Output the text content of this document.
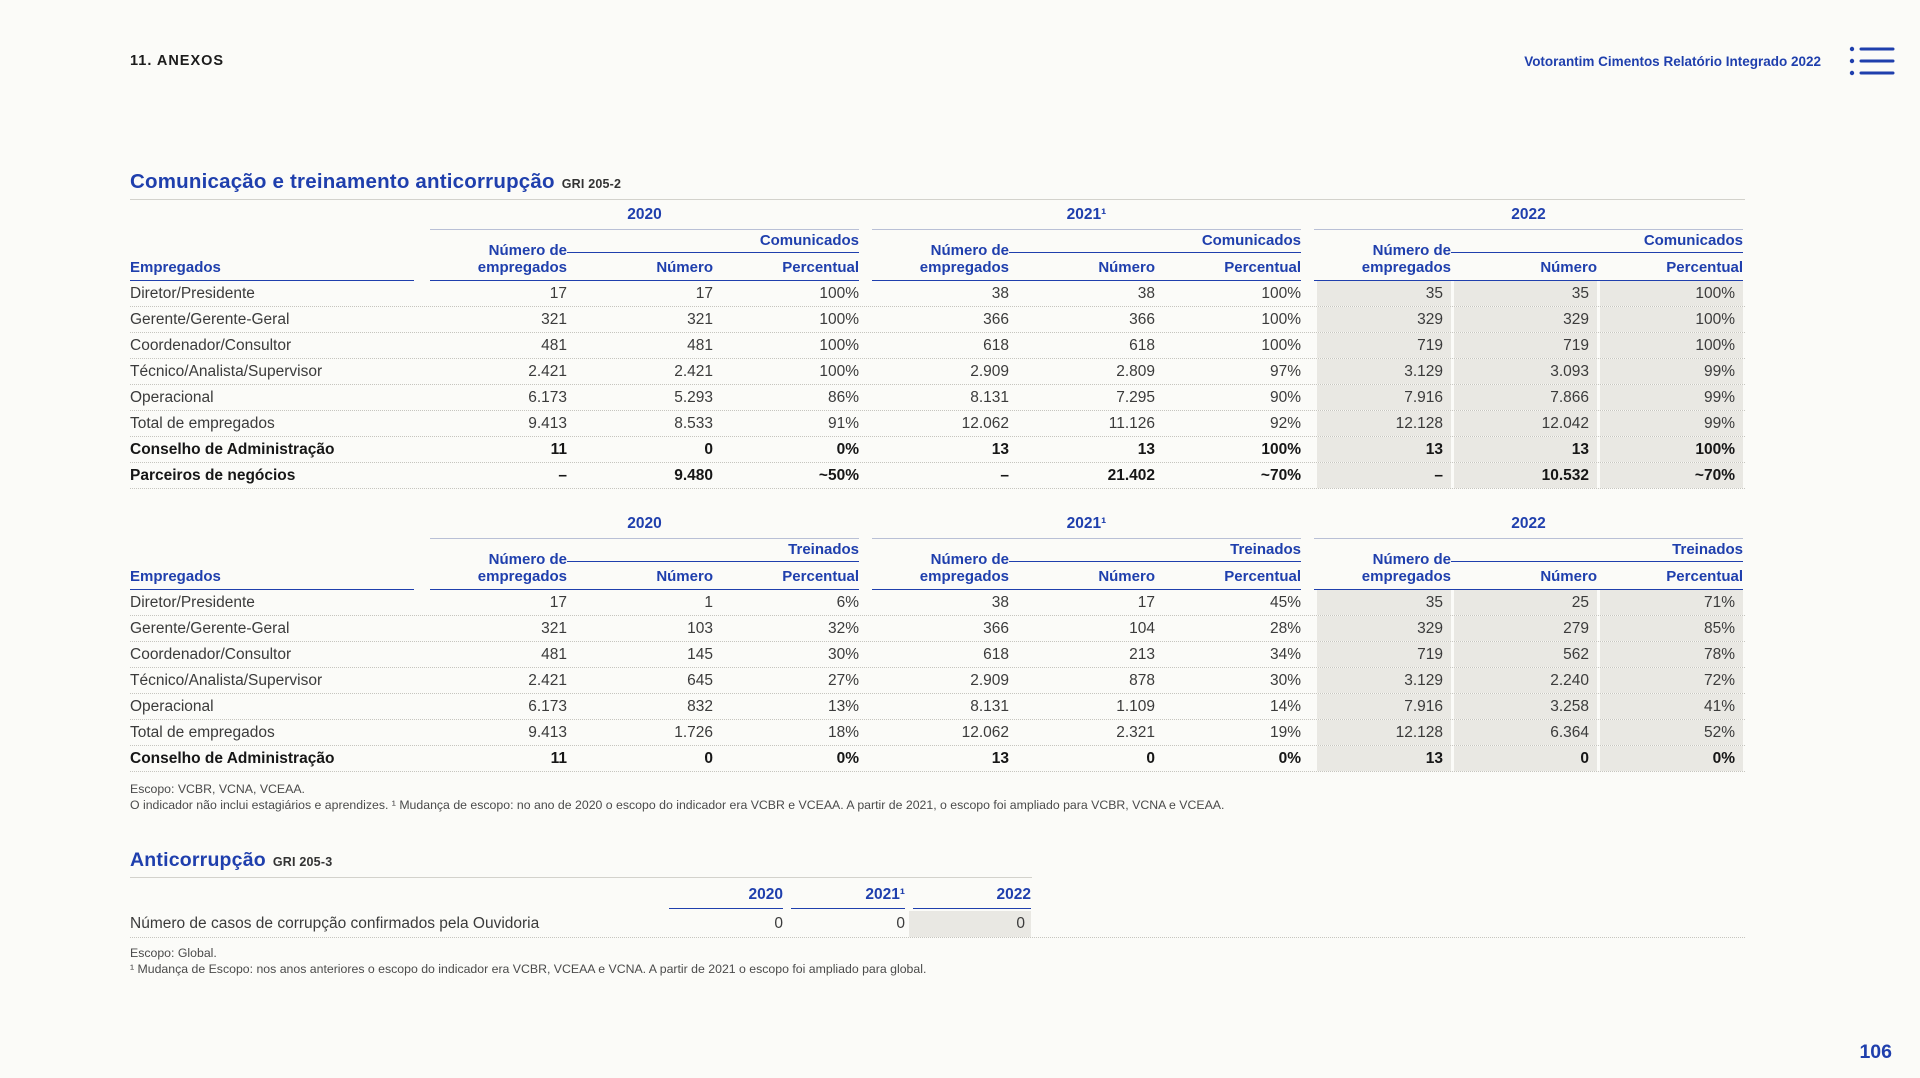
11. ANEXOS	Votorantim Cimentos Relatório Integrado 2022
Comunicação e treinamento anticorrupção GRI 205-2
2020	2021¹	2022
Empregados
Número de
empregados
Comunicados
Número	Percentual
Número de
empregados
Comunicados
Número	Percentual
Número de
empregados
Comunicados
Número	Percentual
Diretor/Presidente	17	17	100%	38	38	100%	35	35	100%
Gerente/Gerente-Geral	321	321	100%	366	366	100%	329	329	100%
Coordenador/Consultor	481	481	100%	618	618	100%	719	719	100%
Técnico/Analista/Supervisor	2.421	2.421	100%	2.909	2.809	97%	3.129	3.093	99%
Operacional	6.173	5.293	86%	8.131	7.295	90%	7.916	7.866	99%
Total de empregados	9.413	8.533	91%	12.062	11.126	92%	12.128	12.042	99%
Conselho de Administração	11	0	0%	13	13	100%	13	13	100%
Parceiros de negócios	–	9.480	~50%	–	21.402	~70%	–	10.532	~70%
2020	2021¹	2022
Empregados
Número de
empregados
Treinados
Número	Percentual
Número de
empregados
Treinados
Número	Percentual
Número de
empregados
Treinados
Número	Percentual
Diretor/Presidente	17	1	6%	38	17	45%	35	25	71%
Gerente/Gerente-Geral	321	103	32%	366	104	28%	329	279	85%
Coordenador/Consultor	481	145	30%	618	213	34%	719	562	78%
Técnico/Analista/Supervisor	2.421	645	27%	2.909	878	30%	3.129	2.240	72%
Operacional	6.173	832	13%	8.131	1.109	14%	7.916	3.258	41%
Total de empregados	9.413	1.726	18%	12.062	2.321	19%	12.128	6.364	52%
Conselho de Administração	11	0	0%	13	0	0%	13	0	0%
Escopo: VCBR, VCNA, VCEAA.
O indicador não inclui estagiários e aprendizes. ¹ Mudança de escopo: no ano de 2020 o escopo do indicador era VCBR e VCEAA. A partir de 2021, o escopo foi ampliado para VCBR, VCNA e VCEAA.
Anticorrupção GRI 205-3
2020	2021¹	2022
Número de casos de corrupção confirmados pela Ouvidoria	0	0	0
Escopo: Global.
¹ Mudança de Escopo: nos anos anteriores o escopo do indicador era VCBR, VCEAA e VCNA. A partir de 2021 o escopo foi ampliado para global.
106
